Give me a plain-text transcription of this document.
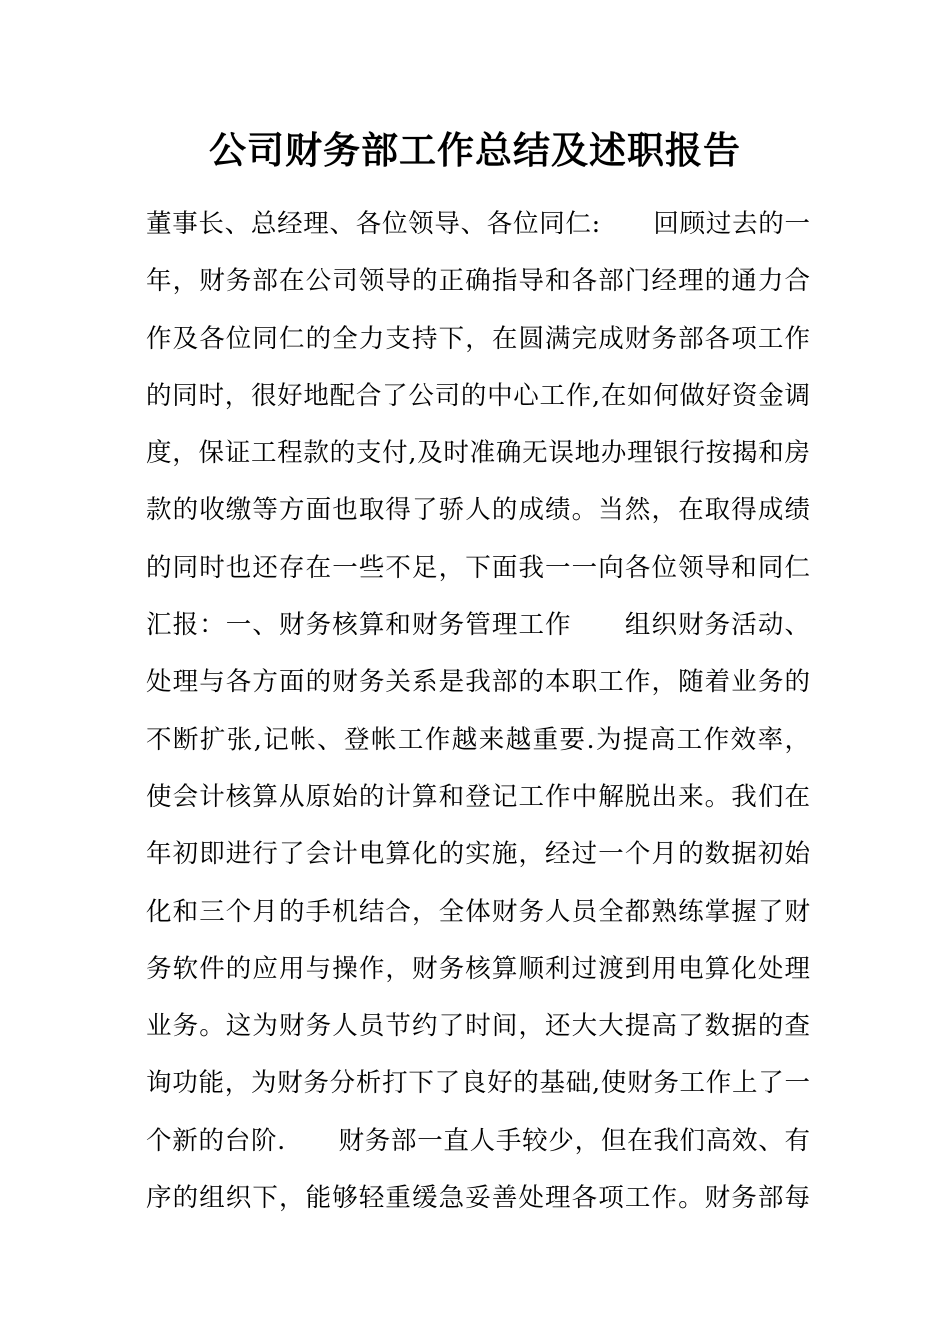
公司财务部工作总结及述职报告
董事长、总经理、各位领导、各位同仁:　　回顾过去的一
年，财务部在公司领导的正确指导和各部门经理的通力合
作及各位同仁的全力支持下，在圆满完成财务部各项工作
的同时，很好地配合了公司的中心工作,在如何做好资金调
度，保证工程款的支付,及时准确无误地办理银行按揭和房
款的收缴等方面也取得了骄人的成绩。当然，在取得成绩
的同时也还存在一些不足，下面我一一向各位领导和同仁
汇报：一、财务核算和财务管理工作　　组织财务活动、
处理与各方面的财务关系是我部的本职工作，随着业务的
不断扩张,记帐、登帐工作越来越重要.为提高工作效率，
使会计核算从原始的计算和登记工作中解脱出来。我们在
年初即进行了会计电算化的实施，经过一个月的数据初始
化和三个月的手机结合，全体财务人员全都熟练掌握了财
务软件的应用与操作，财务核算顺利过渡到用电算化处理
业务。这为财务人员节约了时间，还大大提高了数据的查
询功能，为财务分析打下了良好的基础,使财务工作上了一
个新的台阶.　　财务部一直人手较少，但在我们高效、有
序的组织下，能够轻重缓急妥善处理各项工作。财务部每
